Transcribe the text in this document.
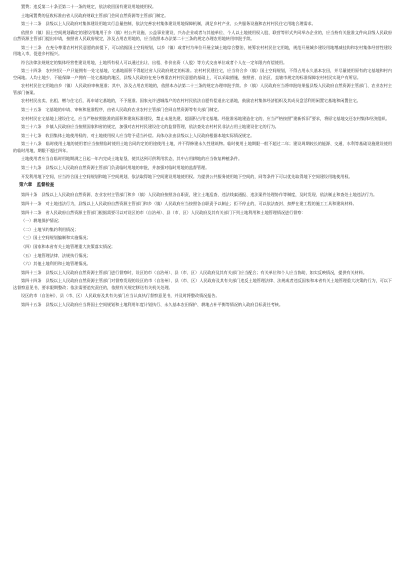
置费；违反第二十条至第二十一条的规定，依法收回国有建设用地使用权。

土地闲置费的征收标准由省人民政府财政主管部门会同自然资源等主管部门制定。

第三十二条　县级以上人民政府对集体建设用地实行总量控制，依法完善农村集体建设用地保障机制，满足乡村产业、公共服务设施和农村村民住宅用地合理需求。

依照乡（镇）国土空间规划确定的建设用地用于乡（镇）村公共设施、公益事业建设，兴办企业或者与其他单位、个人以土地使用权入股、联营等形式共同举办企业的，应当持有关批准文件向县级人民政府自然资源主管部门提出申请，按照省人民政府规定，涉及占用农用地的，应当依照本办法第二十三条的规定办理农用地转用审批手续。

第三十三条　在充分尊重农村村民意愿的前提下，可以依据国土空间规划，以乡（镇）或者村为单位开展全域土地综合整治，统筹农村村民住宅用地，规范开展城乡建设用地增减挂钩和农村集体经营性建设用地入市，促进乡村振兴。

符合法律法规规定的集体经营性建设用地，土地所有权人可以通过出让、出租、作价出资（入股）等方式交由单位或者个人在一定年限内有偿使用。

第三十四条　农村村民一户只能拥有一处宅基地，宅基地面积不得超过省人民政府规定的标准。农村村民建住宅，应当符合乡（镇）国土空间规划，不得占用永久基本农田，并尽量使用原有的宅基地和村内空闲地。人均土地少、不能保障一户拥有一处宅基地的地区，县级人民政府在充分尊重农村村民意愿的基础上，可以采取措施，按照省、自治区、直辖市规定的标准保障农村村民实现户有所居。

农村村民住宅用地由乡（镇）人民政府审核批准；其中，涉及占用农用地的，依照本办法第二十三条的规定办理审批手续。乡（镇）人民政府应当将审批结果报县级人民政府自然资源主管部门、农业农村主管部门备案。

农村村民出卖、出租、赠与住宅后，再申请宅基地的，不予批准。国家允许进城落户的农村村民依法自愿有偿退出宅基地，鼓励农村集体经济组织及其成员盘活利用闲置宅基地和闲置住宅。

第三十五条　宅基地的申请、审核和批准程序，由省人民政府农业农村主管部门会同自然资源等有关部门制定。

农村村民在宅基地上建设住宅，应当严格按照批准的面积和建筑标准建设，禁止未批先建、超面积占用宅基地。经批准易地建造住宅的，应当严格按照“建新拆旧”要求，将原宅基地交还农村集体经济组织。

第三十六条　乡镇人民政府应当按照国家和省的规定，加强对农村村民建设住宅的监督管理，依法查处农村村民非法占用土地建设住宅的行为。

第三十七条　收回集体土地使用权的，对土地使用权人应当给予适当补偿。具体办法由县级以上人民政府根据本地实际情况规定。

第三十八条　临时使用土地的使用者应当按照临时使用土地合同约定的用途使用土地，并不得修建永久性建筑物。临时使用土地期限一般不超过二年；建设周期较长的能源、交通、水利等基础设施建设使用的临时用地，期限不超过四年。

土地使用者应当自临时用地期满之日起一年内完成土地复垦，使其达到可供利用状态，其中占用耕地的应当恢复种植条件。

第三十九条　县级以上人民政府自然资源主管部门负责临时用地的审批，并加强对临时用地的监督管理。

开发利用地下空间，应当符合国土空间规划和地下空间规划，依法取得地下空间建设用地使用权。为提供公共服务使用地下空间的，同等条件下可以优先取得地下空间建设用地使用权。

第六章　监督检查

第四十条　县级以上人民政府自然资源、农业农村主管部门和乡（镇）人民政府按照各自职责，建立土地巡查、违法线索通报、违法案件处理协作等制度，及时发现、依法制止和查处土地违法行为。

第四十一条　对土地违法行为，县级以上人民政府自然资源主管部门和乡（镇）人民政府应当按照各自职责予以制止；拒不停止的，可以依法查封、扣押在建工程的施工工具和建筑材料。

第四十二条　省人民政府自然资源主管部门根据需要可以对设区的市（自治州）、县（市、区）人民政府及其有关部门下列土地利用和土地管理情况进行督察：

（一）耕地保护情况；

（二）土地节约集约利用情况；

（三）国土空间规划编制和实施情况；

（四）国家和本省有关土地管理重大决策落实情况；

（五）土地管理法律、法规执行情况；

（六）其他土地利用和土地管理情况。

第四十三条　县级以上人民政府自然资源主管部门进行督察时，设区的市（自治州）、县（市、区）人民政府及其有关部门应当配合；有关单位和个人应当协助，如实反映情况，提供有关材料。

第四十四条　县级以上人民政府自然资源主管部门对督察发现的设区的市（自治州）、县（市、区）人民政府及其有关部门违反土地管理法律、法规或者违反国家和本省有关土地管理重大决策的行为，可以下达督察意见书，要求限期整改；依法需要追究责任的，依照有关规定移送有关机关处理。

设区的市（自治州）、县（市、区）人民政府及其有关部门应当认真执行督察意见书，并及时将整改情况报告。

第四十五条　县级以上人民政府应当将国土空间规划和土地利用年度计划执行、永久基本农田保护、耕地占补平衡等情况纳入政府目标责任考核。
